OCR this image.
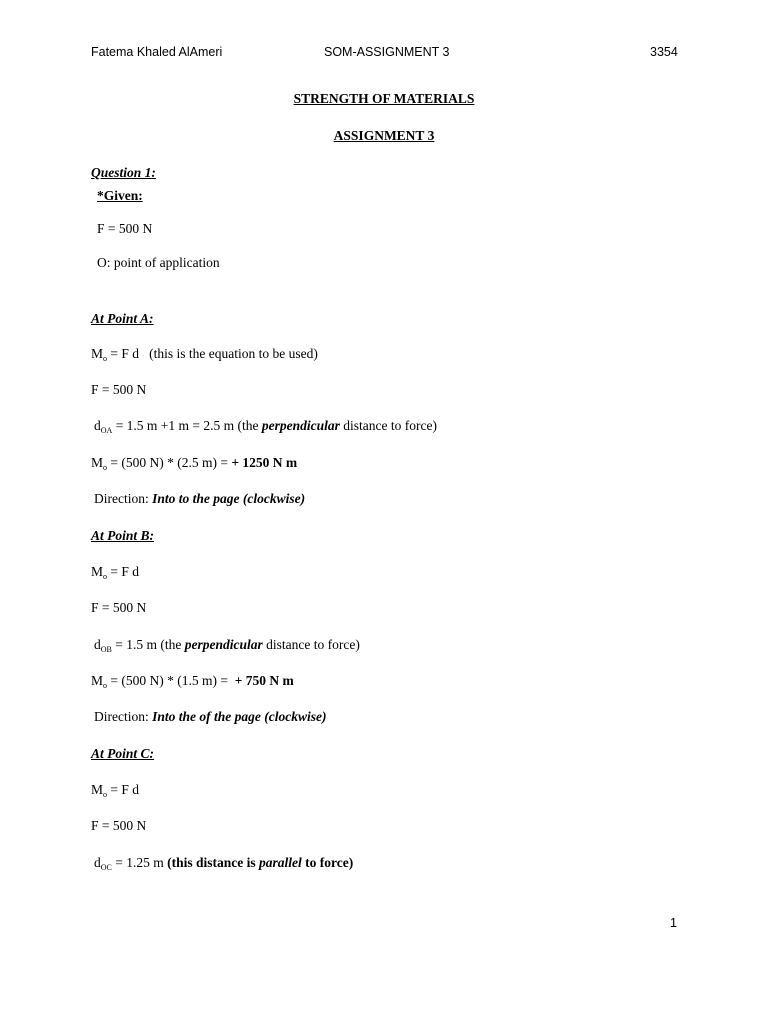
Fatema Khaled AlAmeri	SOM-ASSIGNMENT 3	3354
STRENGTH OF MATERIALS
ASSIGNMENT 3
Question 1:
*Given:
F = 500 N
O: point of application
At Point A:
$M_o = F$ d   (this is the equation to be used)
F = 500 N
$d_{OA} = 1.5$ m +1 m = 2.5 m (the perpendicular distance to force)
$M_o = (500$ N) * (2.5 m) = + 1250 N m
Direction: Into to the page (clockwise)
At Point B:
$M_o = F$ d
F = 500 N
$d_{OB} = 1.5$ m (the perpendicular distance to force)
$M_o = (500$ N) * (1.5 m) =  + 750 N m
Direction: Into the of the page (clockwise)
At Point C:
$M_o = F$ d
F = 500 N
$d_{OC} = 1.25$ m (this distance is parallel to force)
1
